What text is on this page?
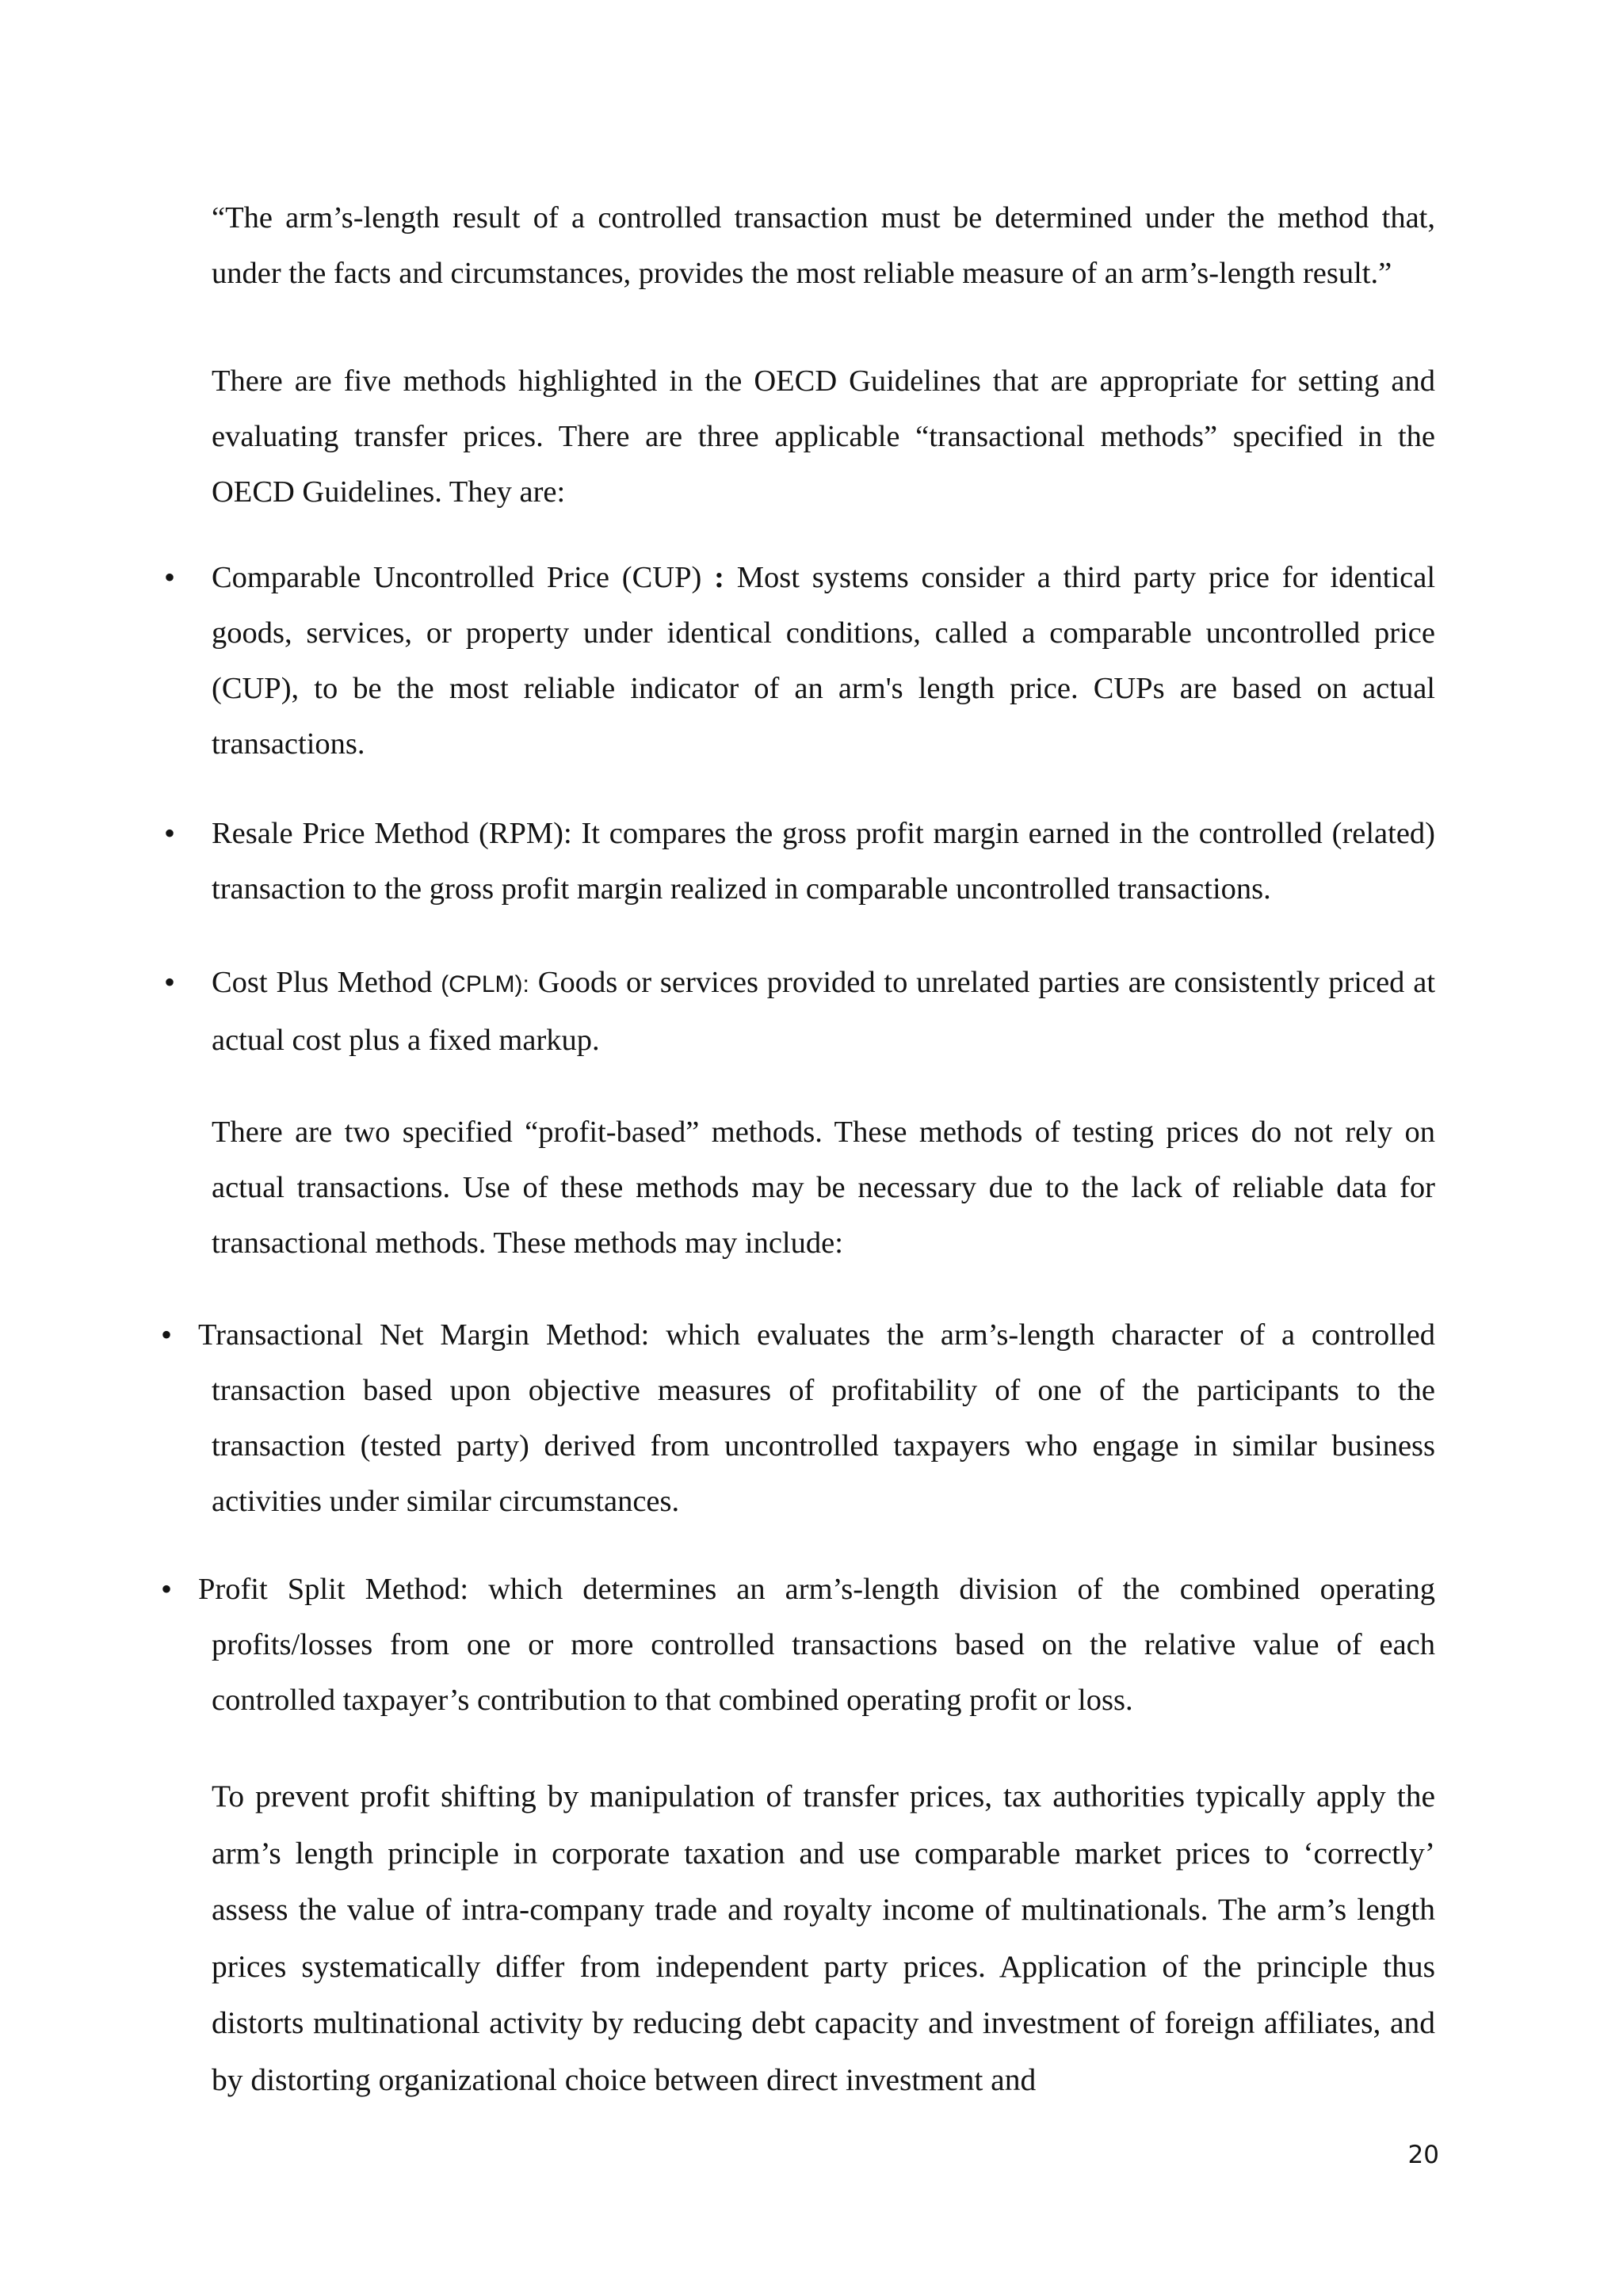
“The arm’s-length result of a controlled transaction must be determined under the method that, under the facts and circumstances, provides the most reliable measure of an arm’s-length result.”

There are five methods highlighted in the OECD Guidelines that are appropriate for setting and evaluating transfer prices. There are three applicable “transactional methods” specified in the OECD Guidelines. They are:

• Comparable Uncontrolled Price (CUP) : Most systems consider a third party price for identical goods, services, or property under identical conditions, called a comparable uncontrolled price (CUP), to be the most reliable indicator of an arm's length price. CUPs are based on actual transactions.

• Resale Price Method (RPM): It compares the gross profit margin earned in the controlled (related) transaction to the gross profit margin realized in comparable uncontrolled transactions.

• Cost Plus Method (CPLM): Goods or services provided to unrelated parties are consistently priced at actual cost plus a fixed markup.

There are two specified “profit-based” methods. These methods of testing prices do not rely on actual transactions. Use of these methods may be necessary due to the lack of reliable data for transactional methods. These methods may include:

• Transactional Net Margin Method: which evaluates the arm’s-length character of a controlled transaction based upon objective measures of profitability of one of the participants to the transaction (tested party) derived from uncontrolled taxpayers who engage in similar business activities under similar circumstances.

• Profit Split Method: which determines an arm’s-length division of the combined operating profits/losses from one or more controlled transactions based on the relative value of each controlled taxpayer’s contribution to that combined operating profit or loss.

To prevent profit shifting by manipulation of transfer prices, tax authorities typically apply the arm’s length principle in corporate taxation and use comparable market prices to ‘correctly’ assess the value of intra-company trade and royalty income of multinationals. The arm’s length prices systematically differ from independent party prices. Application of the principle thus distorts multinational activity by reducing debt capacity and investment of foreign affiliates, and by distorting organizational choice between direct investment and

20
